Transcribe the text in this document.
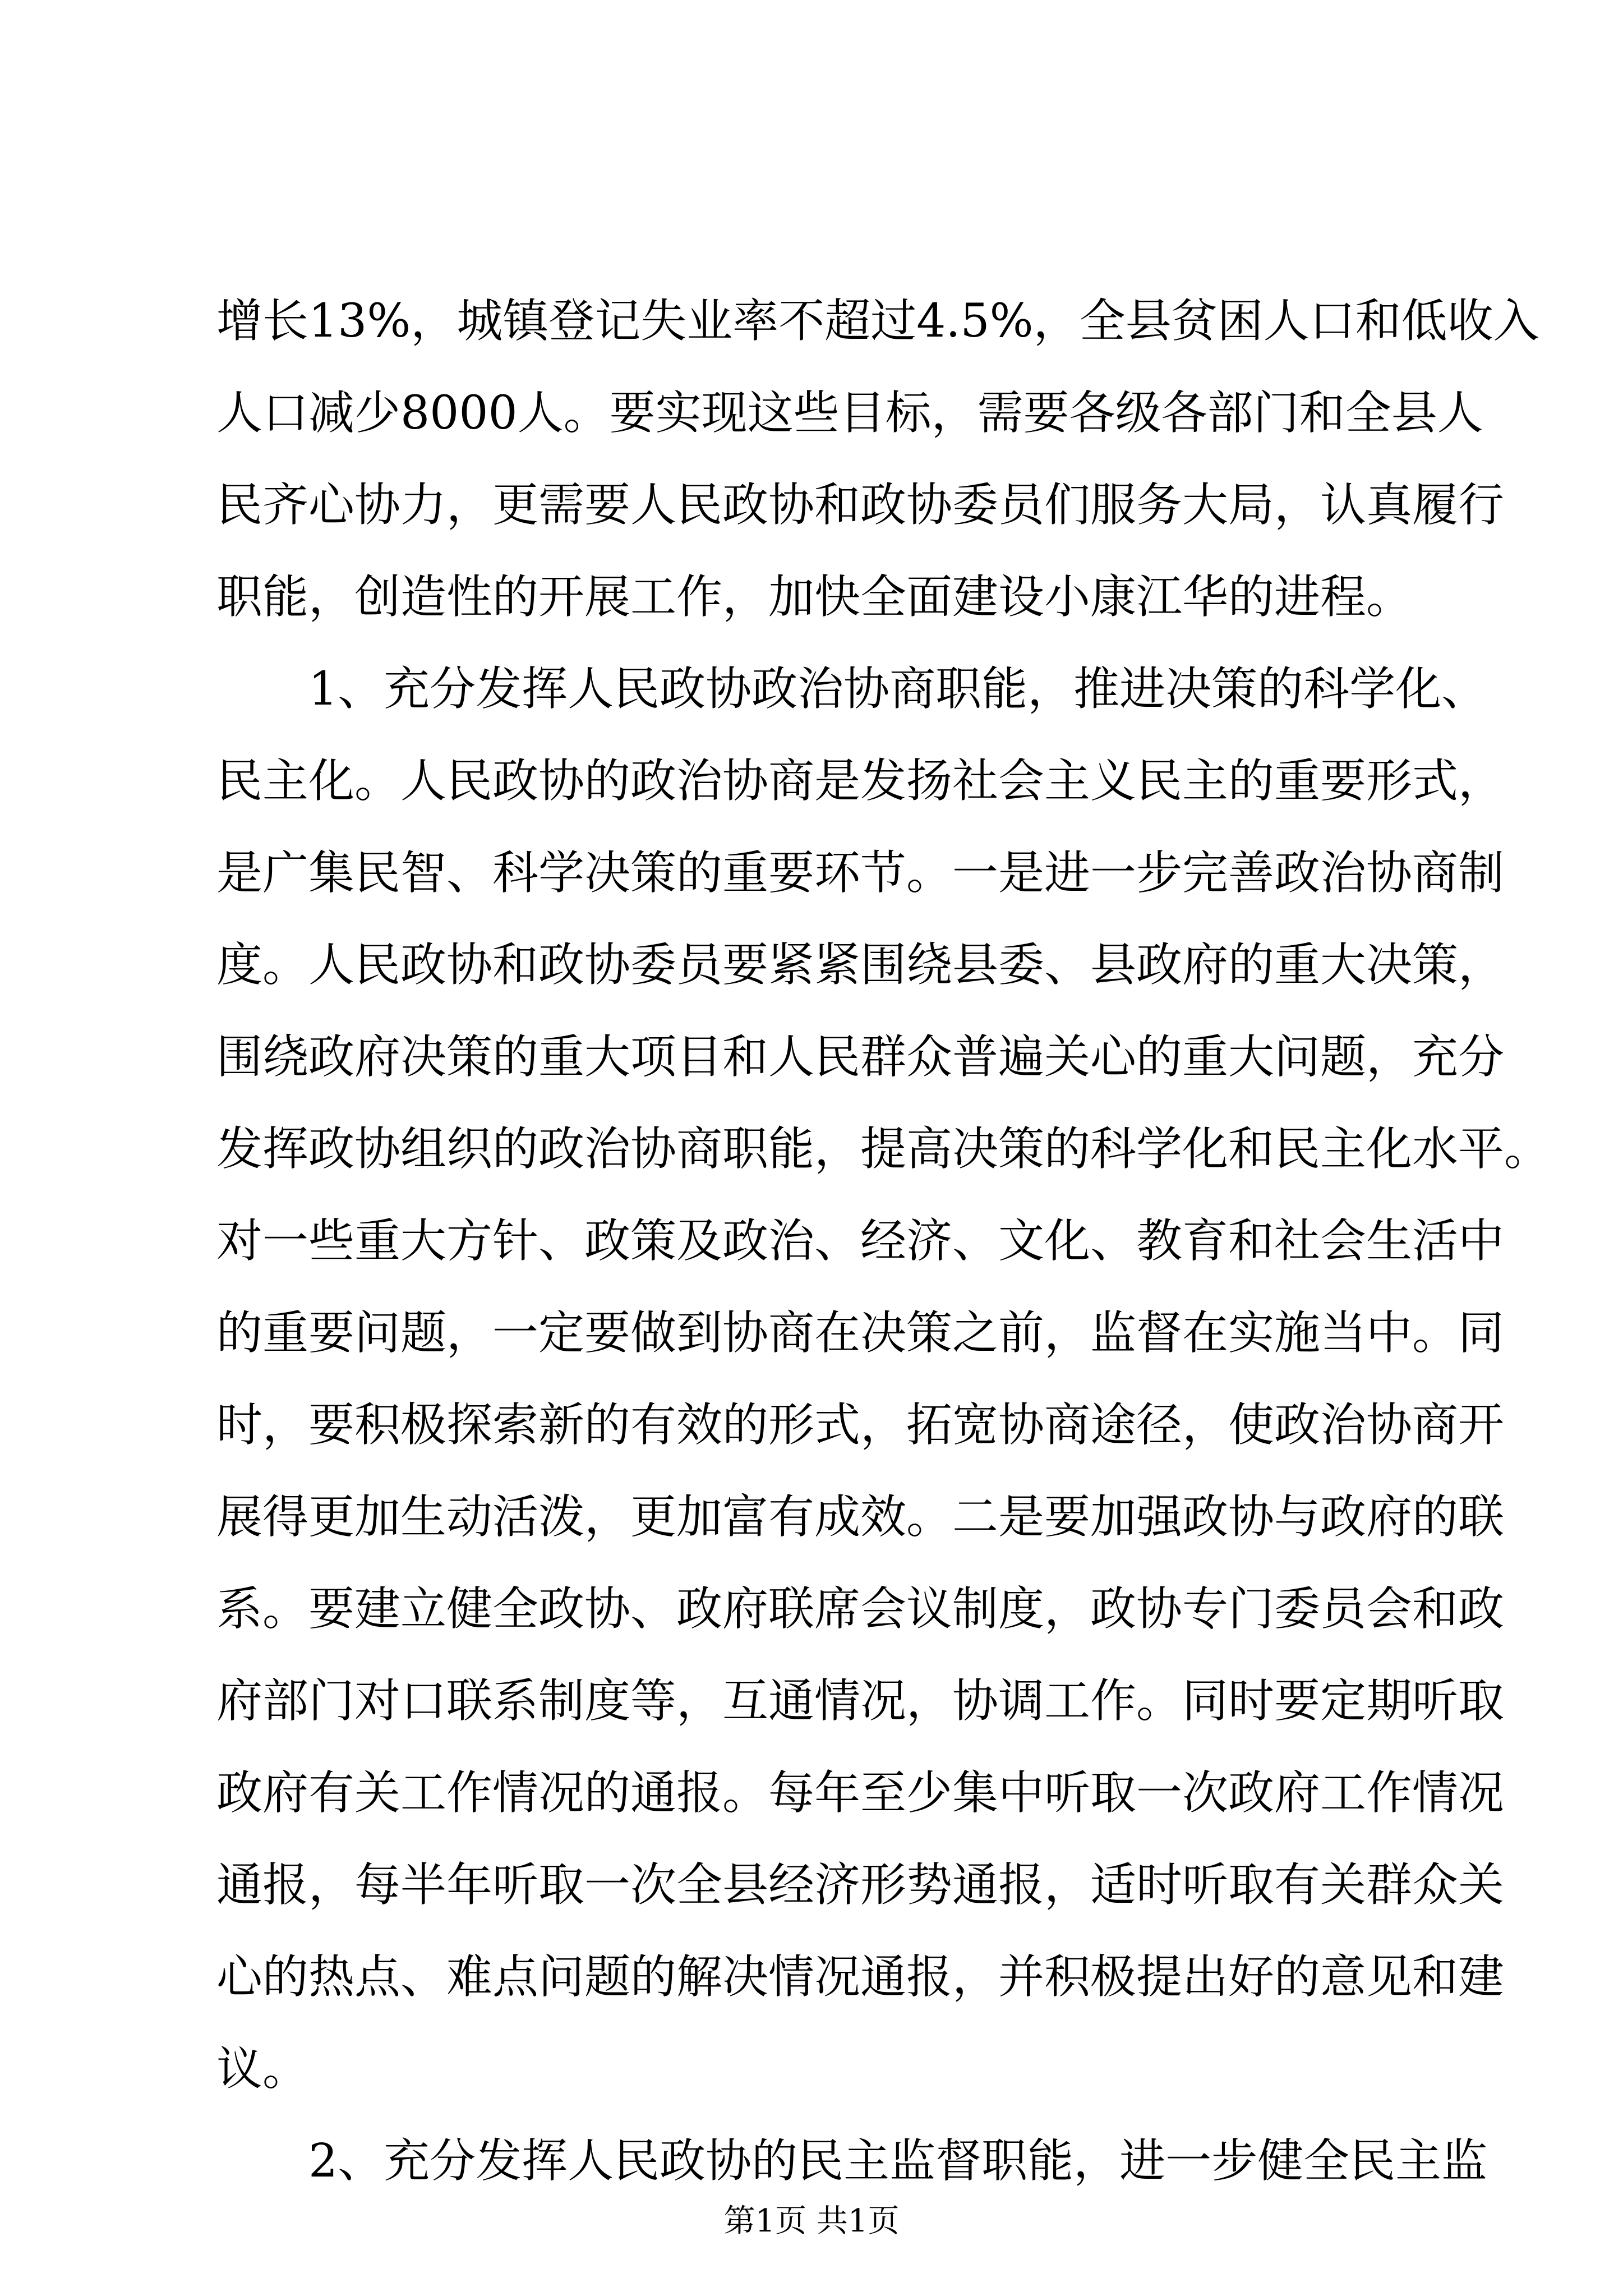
增长13%，城镇登记失业率不超过4.5%，全县贫困人口和低收入
人口减少8000人。要实现这些目标，需要各级各部门和全县人
民齐心协力，更需要人民政协和政协委员们服务大局，认真履行
职能，创造性的开展工作，加快全面建设小康江华的进程。
1、充分发挥人民政协政治协商职能，推进决策的科学化、
民主化。人民政协的政治协商是发扬社会主义民主的重要形式，
是广集民智、科学决策的重要环节。一是进一步完善政治协商制
度。人民政协和政协委员要紧紧围绕县委、县政府的重大决策，
围绕政府决策的重大项目和人民群众普遍关心的重大问题，充分
发挥政协组织的政治协商职能，提高决策的科学化和民主化水平。
对一些重大方针、政策及政治、经济、文化、教育和社会生活中
的重要问题，一定要做到协商在决策之前，监督在实施当中。同
时，要积极探索新的有效的形式，拓宽协商途径，使政治协商开
展得更加生动活泼，更加富有成效。二是要加强政协与政府的联
系。要建立健全政协、政府联席会议制度，政协专门委员会和政
府部门对口联系制度等，互通情况，协调工作。同时要定期听取
政府有关工作情况的通报。每年至少集中听取一次政府工作情况
通报，每半年听取一次全县经济形势通报，适时听取有关群众关
心的热点、难点问题的解决情况通报，并积极提出好的意见和建
议。
2、充分发挥人民政协的民主监督职能，进一步健全民主监
第1页 共1页
